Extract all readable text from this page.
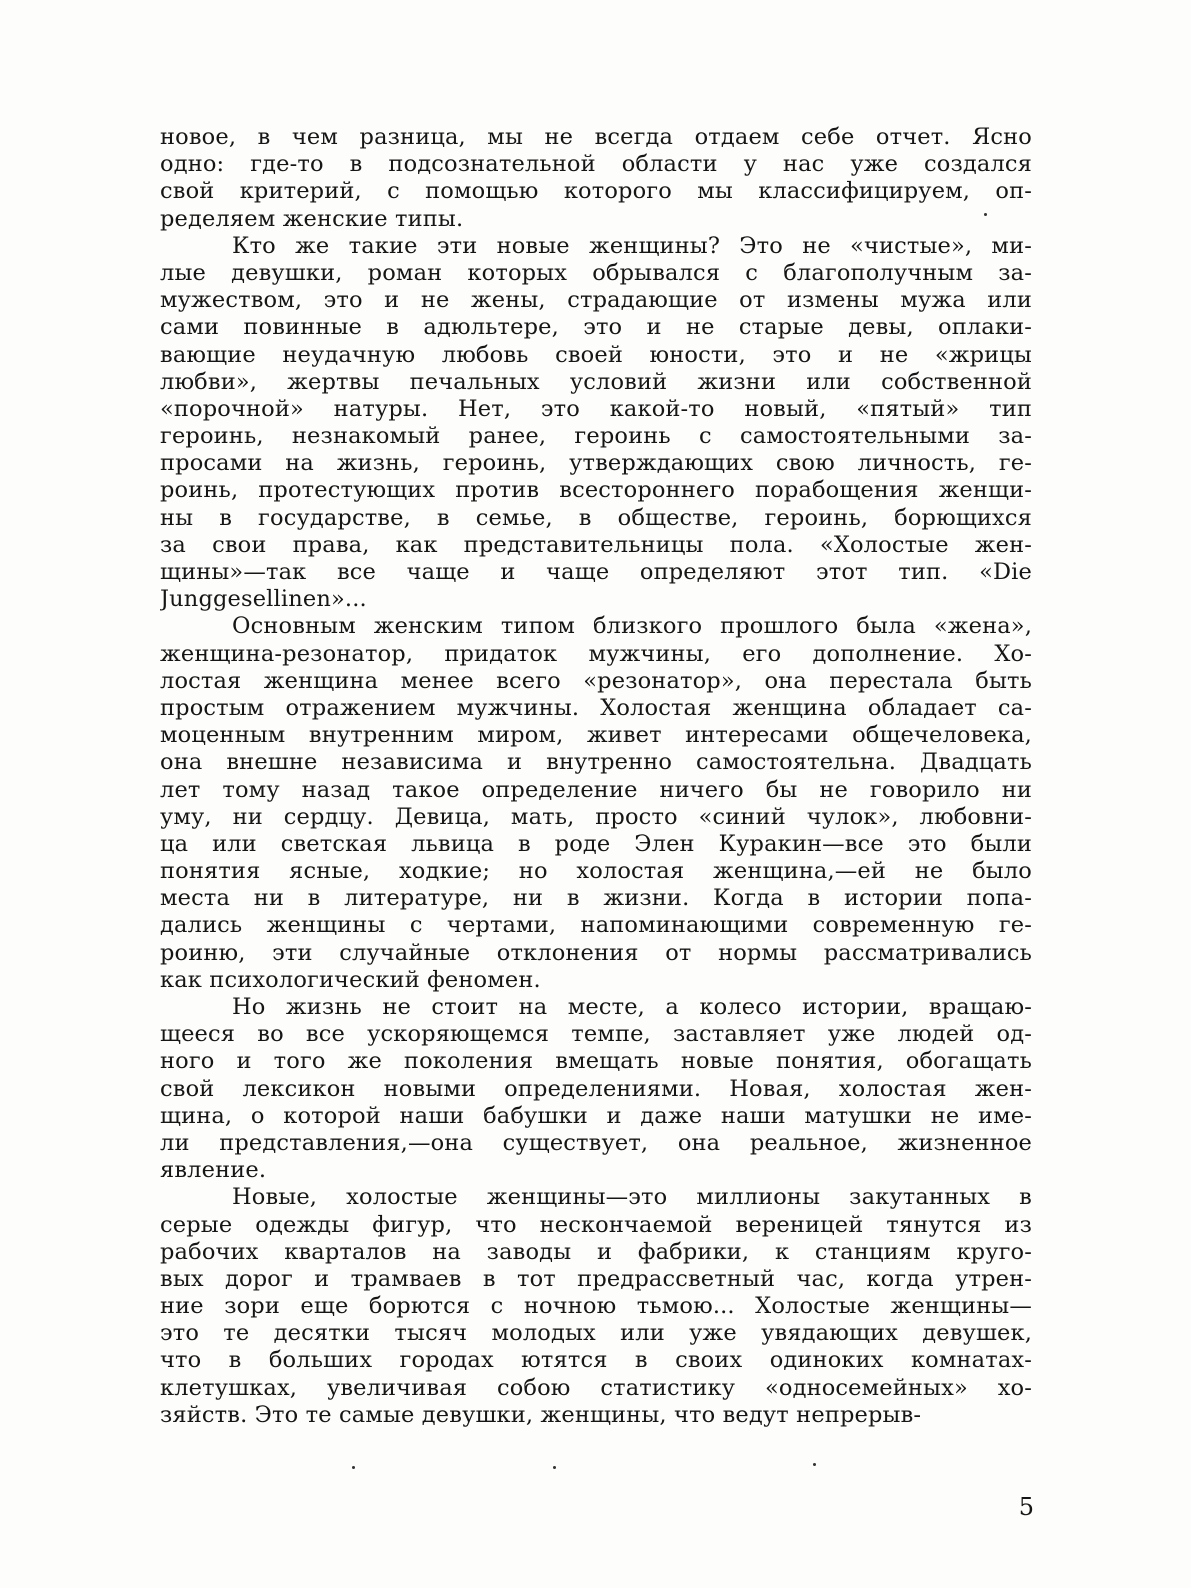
новое, в чем разница, мы не всегда отдаем себе отчет. Ясно
одно: где-то в подсознательной области у нас уже создался
свой критерий, с помощью которого мы классифицируем, оп-
ределяем женские типы.
Кто же такие эти новые женщины? Это не «чистые», ми-
лые девушки, роман которых обрывался с благополучным за-
мужеством, это и не жены, страдающие от измены мужа или
сами повинные в адюльтере, это и не старые девы, оплаки-
вающие неудачную любовь своей юности, это и не «жрицы
любви», жертвы печальных условий жизни или собственной
«порочной» натуры. Нет, это какой-то новый, «пятый» тип
героинь, незнакомый ранее, героинь с самостоятельными за-
просами на жизнь, героинь, утверждающих свою личность, ге-
роинь, протестующих против всестороннего порабощения женщи-
ны в государстве, в семье, в обществе, героинь, борющихся
за свои права, как представительницы пола. «Холостые жен-
щины»—так все чаще и чаще определяют этот тип. «Die
Junggesellinen»...
Основным женским типом близкого прошлого была «жена»,
женщина-резонатор, придаток мужчины, его дополнение. Хо-
лостая женщина менее всего «резонатор», она перестала быть
простым отражением мужчины. Холостая женщина обладает са-
моценным внутренним миром, живет интересами общечеловека,
она внешне независима и внутренно самостоятельна. Двадцать
лет тому назад такое определение ничего бы не говорило ни
уму, ни сердцу. Девица, мать, просто «синий чулок», любовни-
ца или светская львица в роде Элен Куракин—все это были
понятия ясные, ходкие; но холостая женщина,—ей не было
места ни в литературе, ни в жизни. Когда в истории попа-
дались женщины с чертами, напоминающими современную ге-
роиню, эти случайные отклонения от нормы рассматривались
как психологический феномен.
Но жизнь не стоит на месте, а колесо истории, вращаю-
щееся во все ускоряющемся темпе, заставляет уже людей од-
ного и того же поколения вмещать новые понятия, обогащать
свой лексикон новыми определениями. Новая, холостая жен-
щина, о которой наши бабушки и даже наши матушки не име-
ли представления,—она существует, она реальное, жизненное
явление.
Новые, холостые женщины—это миллионы закутанных в
серые одежды фигур, что нескончаемой вереницей тянутся из
рабочих кварталов на заводы и фабрики, к станциям круго-
вых дорог и трамваев в тот предрассветный час, когда утрен-
ние зори еще борются с ночною тьмою... Холостые женщины—
это те десятки тысяч молодых или уже увядающих девушек,
что в больших городах ютятся в своих одиноких комнатах-
клетушках, увеличивая собою статистику «односемейных» хо-
зяйств. Это те самые девушки, женщины, что ведут непрерыв-
5
